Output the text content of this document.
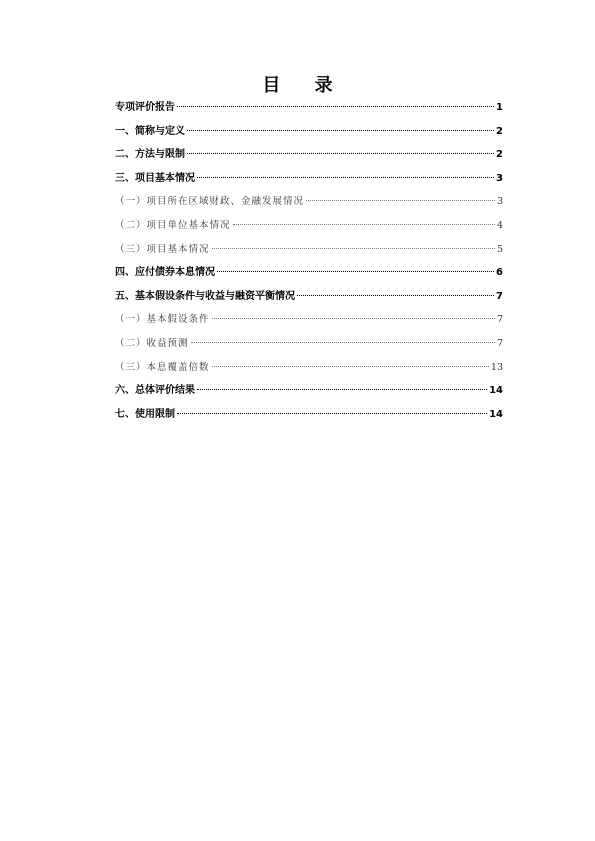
目 录
专项评价报告	1
一、简称与定义	2
二、方法与限制	2
三、项目基本情况	3
（一）项目所在区域财政、金融发展情况	3
（二）项目单位基本情况	4
（三）项目基本情况	5
四、应付债券本息情况	6
五、基本假设条件与收益与融资平衡情况	7
（一）基本假设条件	7
（二）收益预测	7
（三）本息覆盖倍数	13
六、总体评价结果	14
七、使用限制	14
